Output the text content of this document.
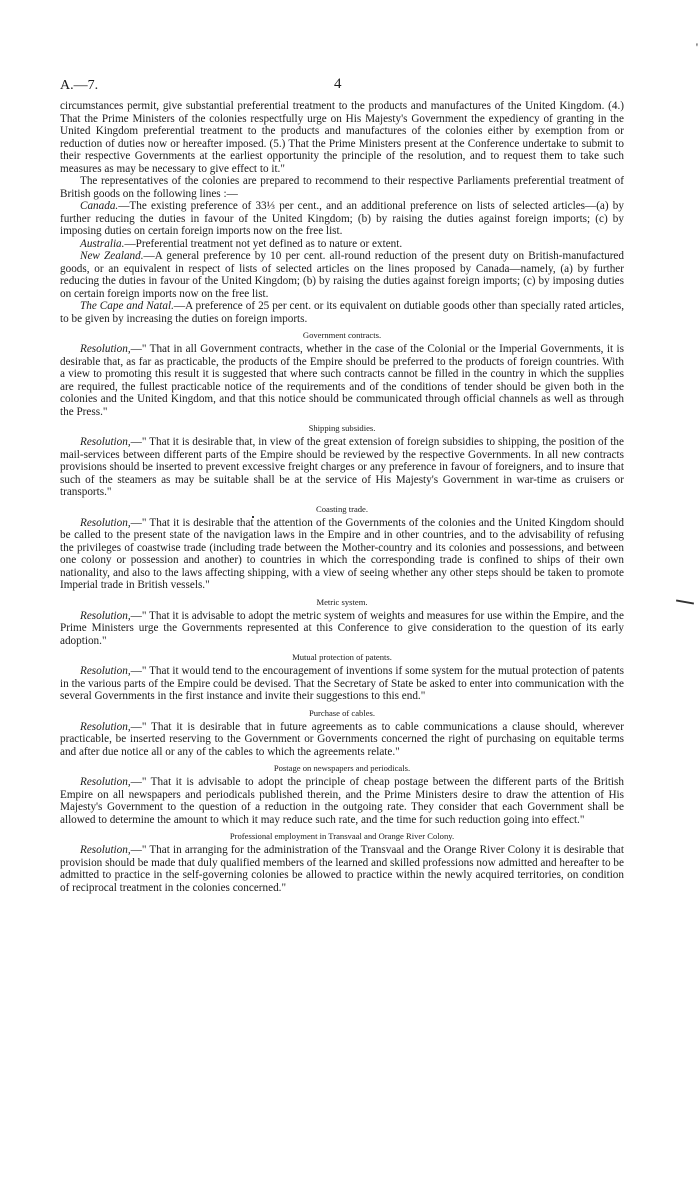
'
A.—7.	4

circumstances permit, give substantial preferential treatment to the products and manufactures of the United Kingdom. (4.) That the Prime Ministers of the colonies respectfully urge on His Majesty's Government the expediency of granting in the United Kingdom preferential treatment to the products and manufactures of the colonies either by exemption from or reduction of duties now or hereafter imposed. (5.) That the Prime Ministers present at the Conference undertake to submit to their respective Governments at the earliest opportunity the principle of the resolution, and to request them to take such measures as may be necessary to give effect to it."

The representatives of the colonies are prepared to recommend to their respective Parliaments preferential treatment of British goods on the following lines :—

Canada.—The existing preference of 33⅓ per cent., and an additional preference on lists of selected articles—(a) by further reducing the duties in favour of the United Kingdom; (b) by raising the duties against foreign imports; (c) by imposing duties on certain foreign imports now on the free list.

Australia.—Preferential treatment not yet defined as to nature or extent.

New Zealand.—A general preference by 10 per cent. all-round reduction of the present duty on British-manufactured goods, or an equivalent in respect of lists of selected articles on the lines proposed by Canada—namely, (a) by further reducing the duties in favour of the United Kingdom; (b) by raising the duties against foreign imports; (c) by imposing duties on certain foreign imports now on the free list.

The Cape and Natal.—A preference of 25 per cent. or its equivalent on dutiable goods other than specially rated articles, to be given by increasing the duties on foreign imports.

Government contracts.

Resolution,—" That in all Government contracts, whether in the case of the Colonial or the Imperial Governments, it is desirable that, as far as practicable, the products of the Empire should be preferred to the products of foreign countries. With a view to promoting this result it is suggested that where such contracts cannot be filled in the country in which the supplies are required, the fullest practicable notice of the requirements and of the conditions of tender should be given both in the colonies and the United Kingdom, and that this notice should be communicated through official channels as well as through the Press."

Shipping subsidies.

Resolution,—" That it is desirable that, in view of the great extension of foreign subsidies to shipping, the position of the mail-services between different parts of the Empire should be reviewed by the respective Governments. In all new contracts provisions should be inserted to prevent excessive freight charges or any preference in favour of foreigners, and to insure that such of the steamers as may be suitable shall be at the service of His Majesty's Government in war-time as cruisers or transports."

Coasting trade.

Resolution,—" That it is desirable that the attention of the Governments of the colonies and the United Kingdom should be called to the present state of the navigation laws in the Empire and in other countries, and to the advisability of refusing the privileges of coastwise trade (including trade between the Mother-country and its colonies and possessions, and between one colony or possession and another) to countries in which the corresponding trade is confined to ships of their own nationality, and also to the laws affecting shipping, with a view of seeing whether any other steps should be taken to promote Imperial trade in British vessels."

Metric system.

Resolution,—" That it is advisable to adopt the metric system of weights and measures for use within the Empire, and the Prime Ministers urge the Governments represented at this Conference to give consideration to the question of its early adoption."

Mutual protection of patents.

Resolution,—" That it would tend to the encouragement of inventions if some system for the mutual protection of patents in the various parts of the Empire could be devised. That the Secretary of State be asked to enter into communication with the several Governments in the first instance and invite their suggestions to this end."

Purchase of cables.

Resolution,—" That it is desirable that in future agreements as to cable communications a clause should, wherever practicable, be inserted reserving to the Government or Governments concerned the right of purchasing on equitable terms and after due notice all or any of the cables to which the agreements relate."

Postage on newspapers and periodicals.

Resolution,—" That it is advisable to adopt the principle of cheap postage between the different parts of the British Empire on all newspapers and periodicals published therein, and the Prime Ministers desire to draw the attention of His Majesty's Government to the question of a reduction in the outgoing rate. They consider that each Government shall be allowed to determine the amount to which it may reduce such rate, and the time for such reduction going into effect."

Professional employment in Transvaal and Orange River Colony.

Resolution,—" That in arranging for the administration of the Transvaal and the Orange River Colony it is desirable that provision should be made that duly qualified members of the learned and skilled professions now admitted and hereafter to be admitted to practice in the self-governing colonies be allowed to practice within the newly acquired territories, on condition of reciprocal treatment in the colonies concerned."
